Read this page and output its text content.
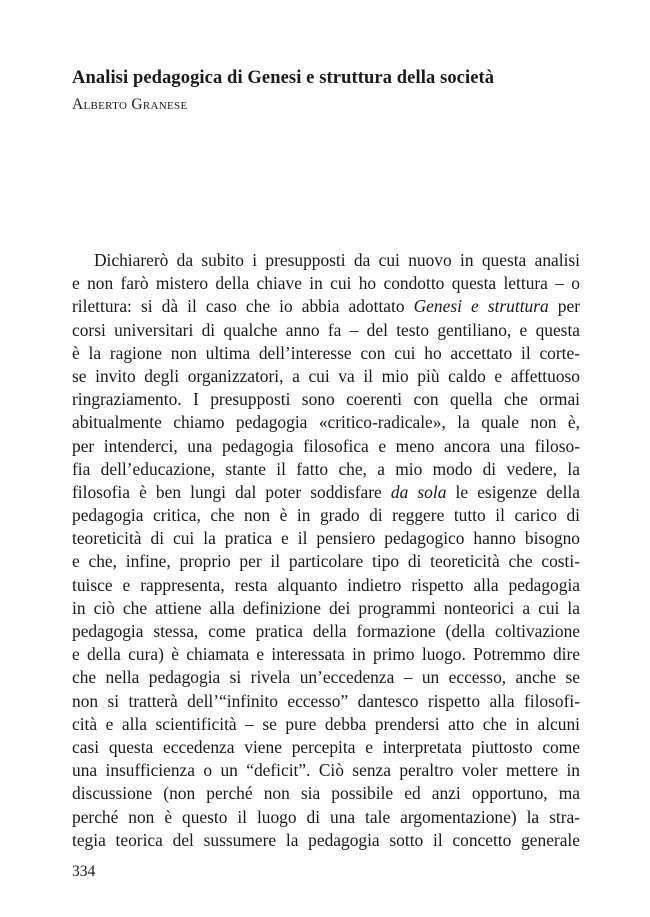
Analisi pedagogica di Genesi e struttura della società
Alberto Granese
Dichiarerò da subito i presupposti da cui nuovo in questa analisi
e non farò mistero della chiave in cui ho condotto questa lettura – o
rilettura: si dà il caso che io abbia adottato Genesi e struttura per
corsi universitari di qualche anno fa – del testo gentiliano, e questa
è la ragione non ultima dell’interesse con cui ho accettato il corte-
se invito degli organizzatori, a cui va il mio più caldo e affettuoso
ringraziamento. I presupposti sono coerenti con quella che ormai
abitualmente chiamo pedagogia «critico-radicale», la quale non è,
per intenderci, una pedagogia filosofica e meno ancora una filoso-
fia dell’educazione, stante il fatto che, a mio modo di vedere, la
filosofia è ben lungi dal poter soddisfare da sola le esigenze della
pedagogia critica, che non è in grado di reggere tutto il carico di
teoreticità di cui la pratica e il pensiero pedagogico hanno bisogno
e che, infine, proprio per il particolare tipo di teoreticità che costi-
tuisce e rappresenta, resta alquanto indietro rispetto alla pedagogia
in ciò che attiene alla definizione dei programmi nonteorici a cui la
pedagogia stessa, come pratica della formazione (della coltivazione
e della cura) è chiamata e interessata in primo luogo. Potremmo dire
che nella pedagogia si rivela un’eccedenza – un eccesso, anche se
non si tratterà dell’“infinito eccesso” dantesco rispetto alla filosofi-
cità e alla scientificità – se pure debba prendersi atto che in alcuni
casi questa eccedenza viene percepita e interpretata piuttosto come
una insufficienza o un “deficit”. Ciò senza peraltro voler mettere in
discussione (non perché non sia possibile ed anzi opportuno, ma
perché non è questo il luogo di una tale argomentazione) la stra-
tegia teorica del sussumere la pedagogia sotto il concetto generale
334
